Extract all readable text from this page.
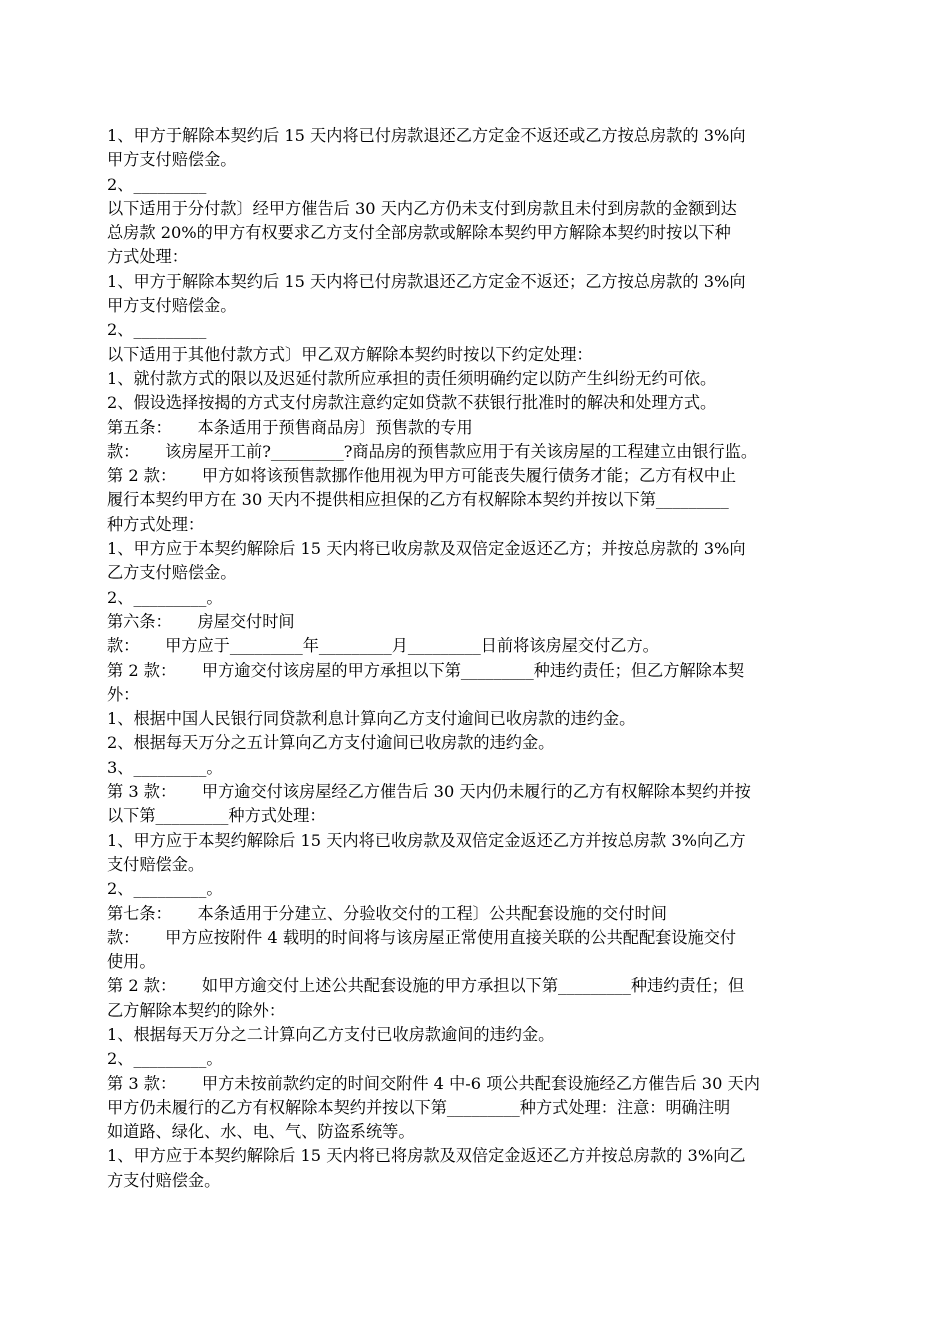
1、甲方于解除本契约后 15 天内将已付房款退还乙方定金不返还或乙方按总房款的 3%向
甲方支付赔偿金。
2、_________
以下适用于分付款〕经甲方催告后 30 天内乙方仍未支付到房款且未付到房款的金额到达
总房款 20%的甲方有权要求乙方支付全部房款或解除本契约甲方解除本契约时按以下种
方式处理：
1、甲方于解除本契约后 15 天内将已付房款退还乙方定金不返还；乙方按总房款的 3%向
甲方支付赔偿金。
2、_________
以下适用于其他付款方式〕甲乙双方解除本契约时按以下约定处理：
1、就付款方式的限以及迟延付款所应承担的责任须明确约定以防产生纠纷无约可依。
2、假设选择按揭的方式支付房款注意约定如贷款不获银行批准时的解决和处理方式。
第五条：     本条适用于预售商品房〕预售款的专用
款：     该房屋开工前?_________?商品房的预售款应用于有关该房屋的工程建立由银行监。
第 2 款：     甲方如将该预售款挪作他用视为甲方可能丧失履行债务才能；乙方有权中止
履行本契约甲方在 30 天内不提供相应担保的乙方有权解除本契约并按以下第_________
种方式处理：
1、甲方应于本契约解除后 15 天内将已收房款及双倍定金返还乙方；并按总房款的 3%向
乙方支付赔偿金。
2、_________。
第六条：     房屋交付时间
款：     甲方应于_________年_________月_________日前将该房屋交付乙方。
第 2 款：     甲方逾交付该房屋的甲方承担以下第_________种违约责任；但乙方解除本契
外：
1、根据中国人民银行同贷款利息计算向乙方支付逾间已收房款的违约金。
2、根据每天万分之五计算向乙方支付逾间已收房款的违约金。
3、_________。
第 3 款：     甲方逾交付该房屋经乙方催告后 30 天内仍未履行的乙方有权解除本契约并按
以下第_________种方式处理：
1、甲方应于本契约解除后 15 天内将已收房款及双倍定金返还乙方并按总房款 3%向乙方
支付赔偿金。
2、_________。
第七条：     本条适用于分建立、分验收交付的工程〕公共配套设施的交付时间
款：     甲方应按附件 4 载明的时间将与该房屋正常使用直接关联的公共配配套设施交付
使用。
第 2 款：     如甲方逾交付上述公共配套设施的甲方承担以下第_________种违约责任；但
乙方解除本契约的除外：
1、根据每天万分之二计算向乙方支付已收房款逾间的违约金。
2、_________。
第 3 款：     甲方未按前款约定的时间交附件 4 中-6 项公共配套设施经乙方催告后 30 天内
甲方仍未履行的乙方有权解除本契约并按以下第_________种方式处理：注意：明确注明
如道路、绿化、水、电、气、防盗系统等。
1、甲方应于本契约解除后 15 天内将已将房款及双倍定金返还乙方并按总房款的 3%向乙
方支付赔偿金。
